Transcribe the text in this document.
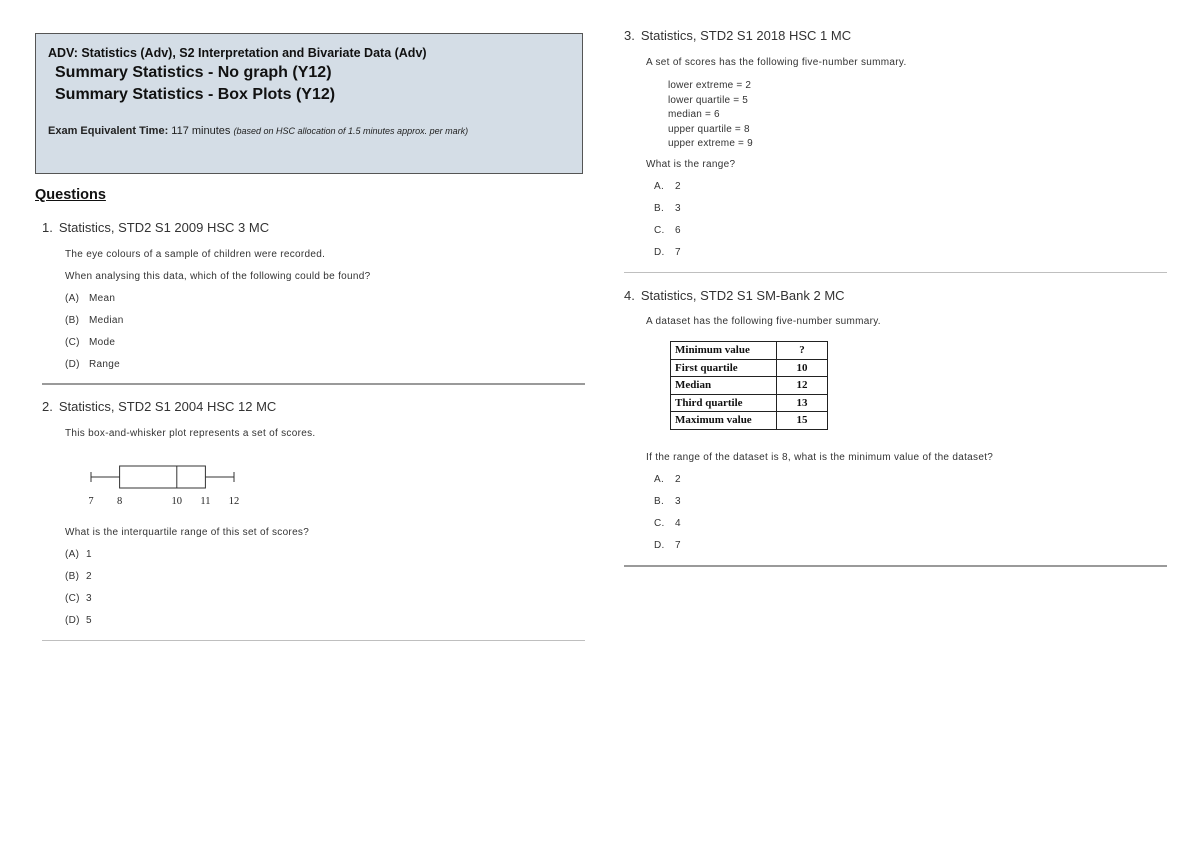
ADV: Statistics (Adv), S2 Interpretation and Bivariate Data (Adv)
Summary Statistics - No graph (Y12)
Summary Statistics - Box Plots (Y12)
Exam Equivalent Time: 117 minutes (based on HSC allocation of 1.5 minutes approx. per mark)
Questions
1. Statistics, STD2 S1 2009 HSC 3 MC
The eye colours of a sample of children were recorded.
When analysing this data, which of the following could be found?
(A) Mean
(B) Median
(C) Mode
(D) Range
2. Statistics, STD2 S1 2004 HSC 12 MC
This box-and-whisker plot represents a set of scores.
7 8	10 11 12
What is the interquartile range of this set of scores?
(A) 1
(B) 2
(C) 3
(D) 5
3. Statistics, STD2 S1 2018 HSC 1 MC
A set of scores has the following five-number summary.
lower extreme = 2
lower quartile = 5
median = 6
upper quartile = 8
upper extreme = 9
What is the range?
A. 2
B. 3
C. 6
D. 7
4. Statistics, STD2 S1 SM-Bank 2 MC
A dataset has the following five-number summary.
Minimum value	?
First quartile	10
Median	12
Third quartile	13
Maximum value	15
If the range of the dataset is 8, what is the minimum value of the dataset?
A. 2
B. 3
C. 4
D. 7
